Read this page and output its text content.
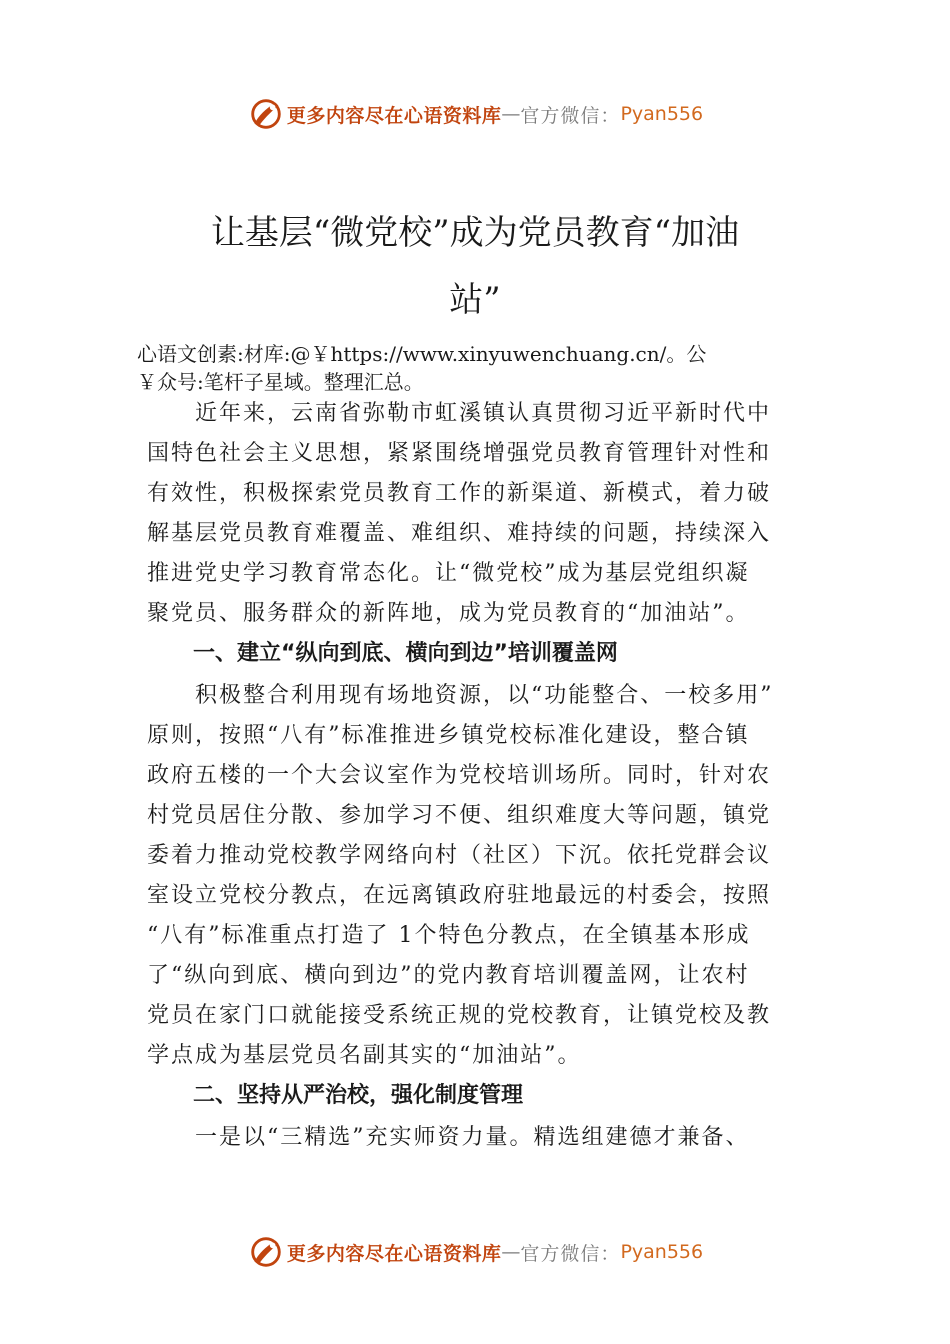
更多内容尽在心语资料库 — 官方微信： Pyan556
让基层“微党校”成为党员教育“加油
站”
心语文创素:材库:@￥https://www.xinyuwenchuang.cn/。公
￥众号:笔杆子星域。整理汇总。
　　近年来，云南省弥勒市虹溪镇认真贯彻习近平新时代中
国特色社会主义思想，紧紧围绕增强党员教育管理针对性和
有效性，积极探索党员教育工作的新渠道、新模式，着力破
解基层党员教育难覆盖、难组织、难持续的问题，持续深入
推进党史学习教育常态化。让“微党校”成为基层党组织凝
聚党员、服务群众的新阵地，成为党员教育的“加油站”。
一、建立“纵向到底、横向到边”培训覆盖网
　　积极整合利用现有场地资源，以“功能整合、一校多用”
原则，按照“八有”标准推进乡镇党校标准化建设，整合镇
政府五楼的一个大会议室作为党校培训场所。同时，针对农
村党员居住分散、参加学习不便、组织难度大等问题，镇党
委着力推动党校教学网络向村（社区）下沉。依托党群会议
室设立党校分教点，在远离镇政府驻地最远的村委会，按照
“八有”标准重点打造了 1个特色分教点，在全镇基本形成
了“纵向到底、横向到边”的党内教育培训覆盖网，让农村
党员在家门口就能接受系统正规的党校教育，让镇党校及教
学点成为基层党员名副其实的“加油站”。
二、坚持从严治校，强化制度管理
　　一是以“三精选”充实师资力量。精选组建德才兼备、
更多内容尽在心语资料库 — 官方微信： Pyan556
